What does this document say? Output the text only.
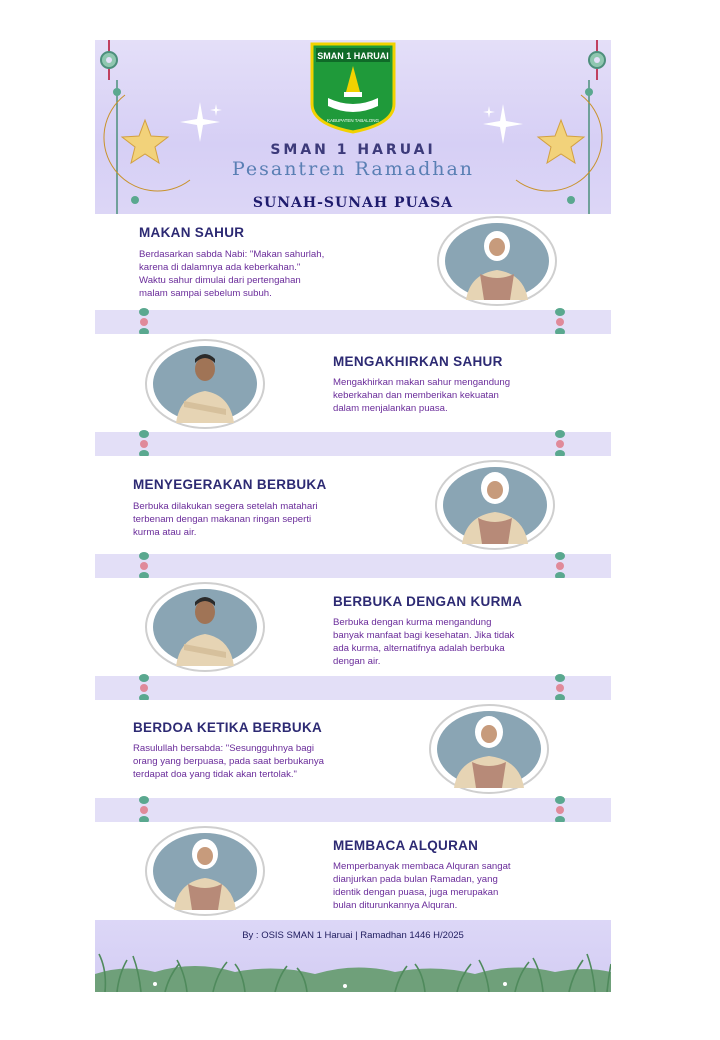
SMAN 1 HARUAI
KABUPATEN TABALONG
SMAN 1 HARUAI
Pesantren Ramadhan
SUNAH-SUNAH PUASA
MAKAN SAHUR
Berdasarkan sabda Nabi: "Makan sahurlah,
karena di dalamnya ada keberkahan."
Waktu sahur dimulai dari pertengahan
malam sampai sebelum subuh.
MENGAKHIRKAN SAHUR
Mengakhirkan makan sahur mengandung
keberkahan dan memberikan kekuatan
dalam menjalankan puasa.
MENYEGERAKAN BERBUKA
Berbuka dilakukan segera setelah matahari
terbenam dengan makanan ringan seperti
kurma atau air.
BERBUKA DENGAN KURMA
Berbuka dengan kurma mengandung
banyak manfaat bagi kesehatan. Jika tidak
ada kurma, alternatifnya adalah berbuka
dengan air.
BERDOA KETIKA BERBUKA
Rasulullah bersabda: "Sesungguhnya bagi
orang yang berpuasa, pada saat berbukanya
terdapat doa yang tidak akan tertolak."
MEMBACA ALQURAN
Memperbanyak membaca Alquran sangat
dianjurkan pada bulan Ramadan, yang
identik dengan puasa, juga merupakan
bulan diturunkannya Alquran.
By : OSIS SMAN 1 Haruai | Ramadhan 1446 H/2025
